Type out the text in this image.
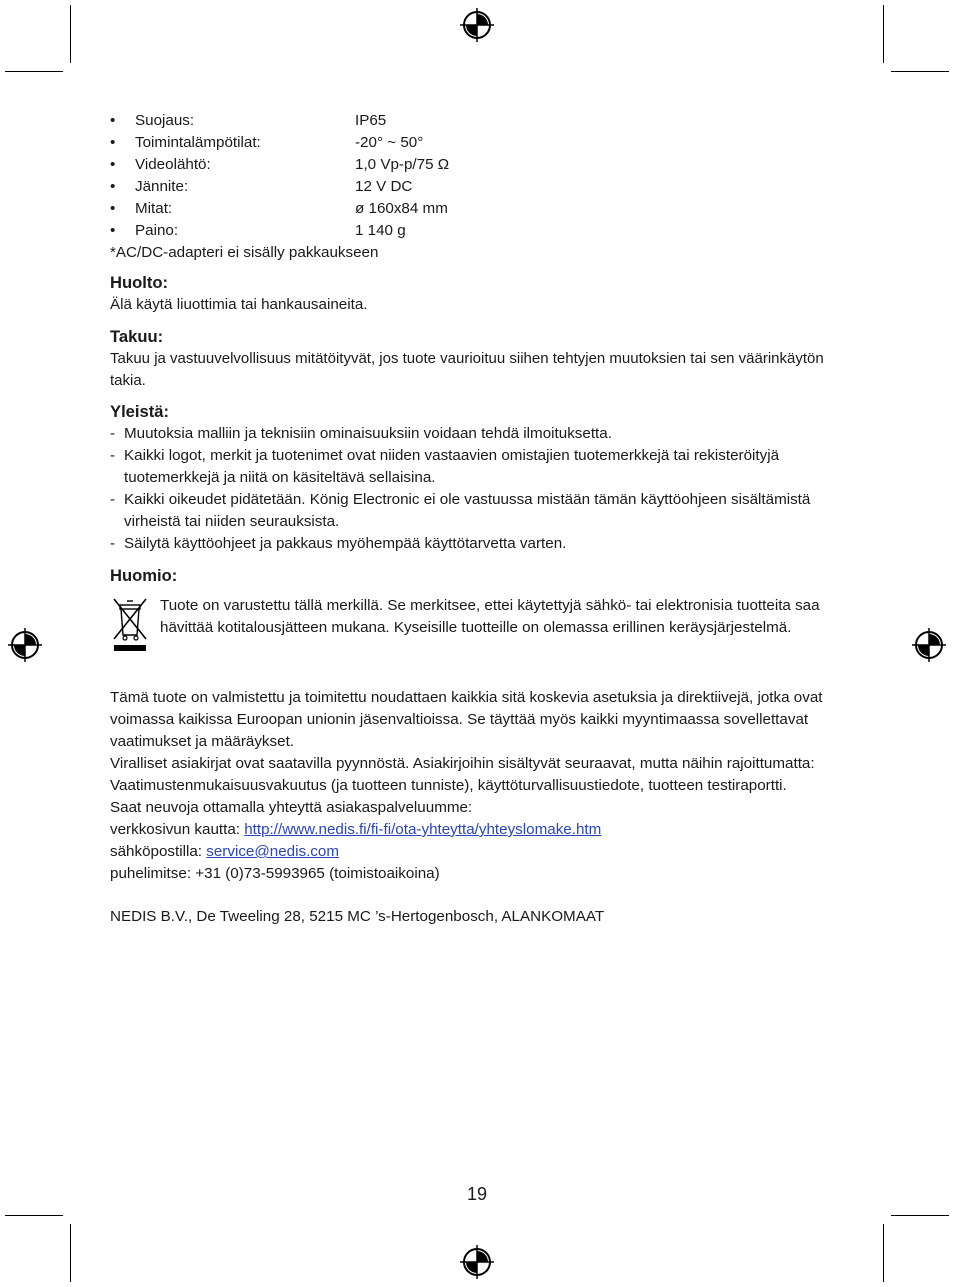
•	Suojaus:	IP65
•	Toimintalämpötilat:	-20° ~ 50°
•	Videolähtö:	1,0 Vp-p/75 Ω
•	Jännite:	12 V DC
•	Mitat:	ø 160x84 mm
•	Paino:	1 140 g

*AC/DC-adapteri ei sisälly pakkaukseen

Huolto:

Älä käytä liuottimia tai hankausaineita.

Takuu:

Takuu ja vastuuvelvollisuus mitätöityvät, jos tuote vaurioituu siihen tehtyjen muutoksien tai sen väärinkäytön takia.

Yleistä:
- Muutoksia malliin ja teknisiin ominaisuuksiin voidaan tehdä ilmoituksetta.
- Kaikki logot, merkit ja tuotenimet ovat niiden vastaavien omistajien tuotemerkkejä tai rekisteröityjä tuotemerkkejä ja niitä on käsiteltävä sellaisina.
- Kaikki oikeudet pidätetään. König Electronic ei ole vastuussa mistään tämän käyttöohjeen sisältämistä virheistä tai niiden seurauksista.
- Säilytä käyttöohjeet ja pakkaus myöhempää käyttötarvetta varten.
Huomio:

Tuote on varustettu tällä merkillä. Se merkitsee, ettei käytettyjä sähkö- tai elektronisia tuotteita saa hävittää kotitalousjätteen mukana. Kyseisille tuotteille on olemassa erillinen keräysjärjestelmä.

Tämä tuote on valmistettu ja toimitettu noudattaen kaikkia sitä koskevia asetuksia ja direktiivejä, jotka ovat voimassa kaikissa Euroopan unionin jäsenvaltioissa. Se täyttää myös kaikki myyntimaassa sovellettavat vaatimukset ja määräykset.

Viralliset asiakirjat ovat saatavilla pyynnöstä. Asiakirjoihin sisältyvät seuraavat, mutta näihin rajoittumatta: Vaatimustenmukaisuusvakuutus (ja tuotteen tunniste), käyttöturvallisuustiedote, tuotteen testiraportti.

Saat neuvoja ottamalla yhteyttä asiakaspalveluumme:

verkkosivun kautta: http://www.nedis.fi/fi-fi/ota-yhteytta/yhteyslomake.htm

sähköpostilla: service@nedis.com

puhelimitse: +31 (0)73-5993965 (toimistoaikoina)

NEDIS B.V., De Tweeling 28, 5215 MC ’s-Hertogenbosch, ALANKOMAAT

19
